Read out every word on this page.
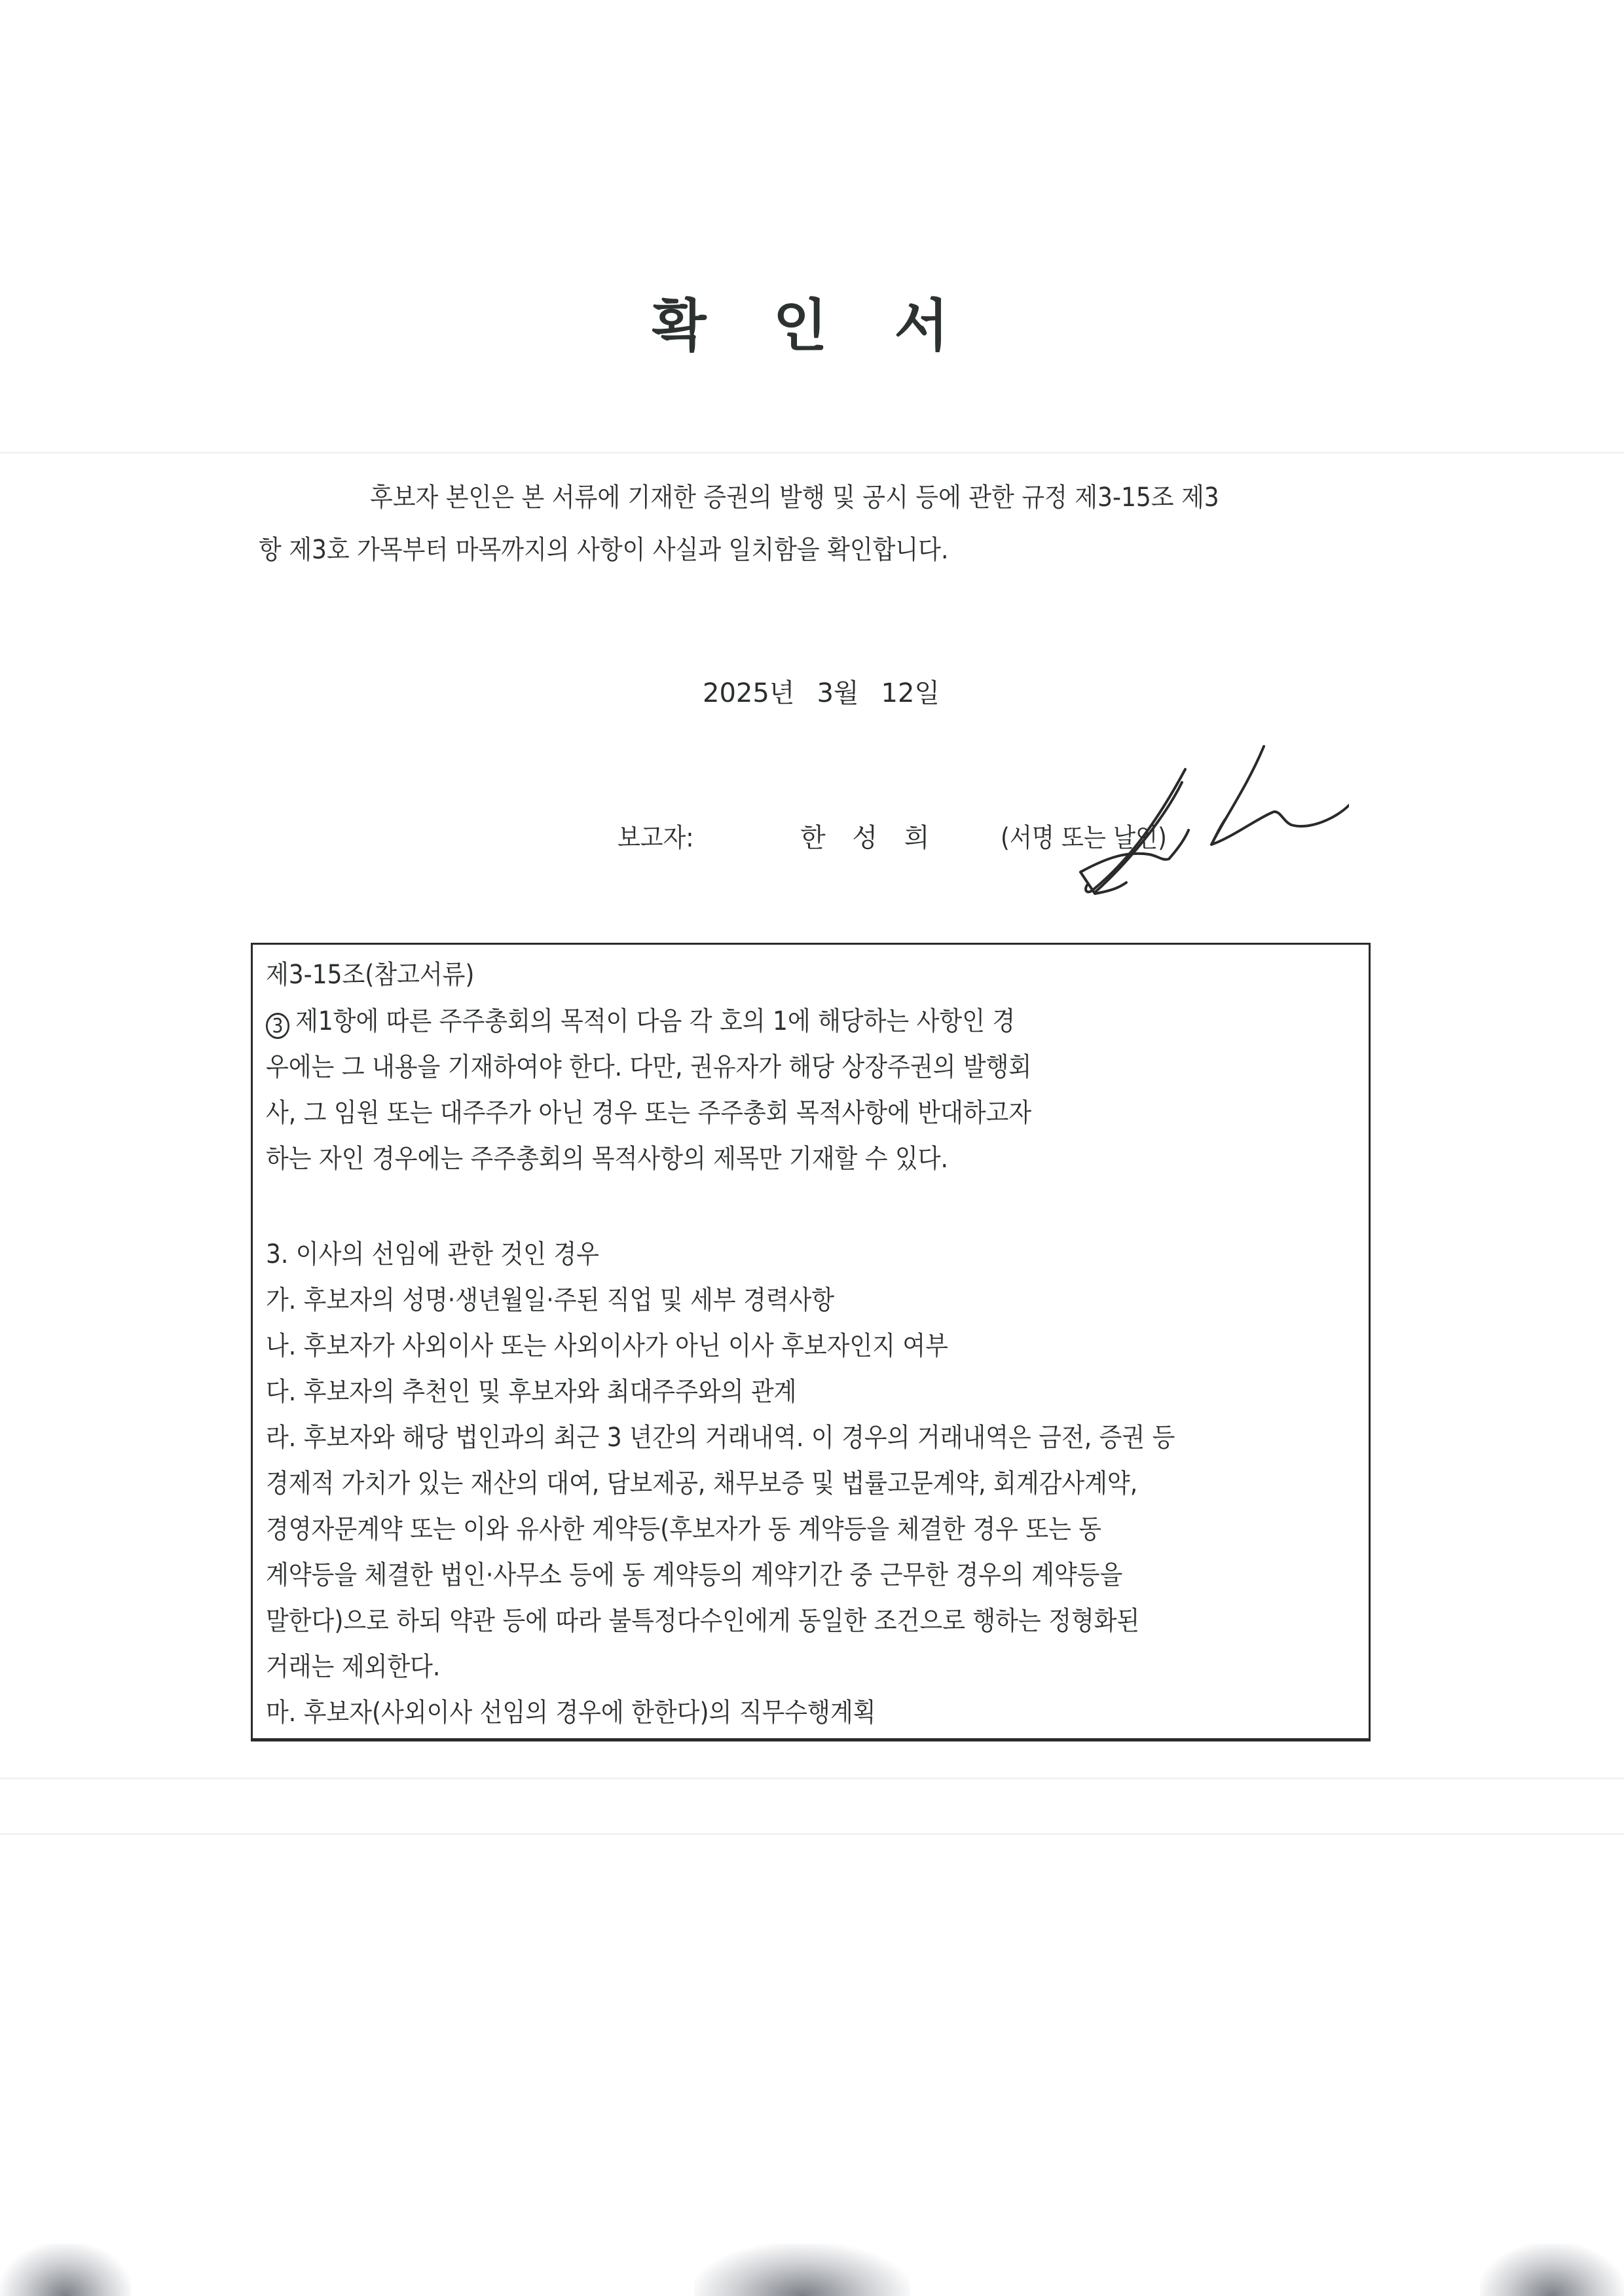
확 인 서
후보자 본인은 본 서류에 기재한 증권의 발행 및 공시 등에 관한 규정 제3-15조 제3
항 제3호 가목부터 마목까지의 사항이 사실과 일치함을 확인합니다.
2025년 3월 12일
보고자:	한 성 희 (서명 또는 날인)
제3-15조(참고서류)
3 제1항에 따른 주주총회의 목적이 다음 각 호의 1에 해당하는 사항인 경
우에는 그 내용을 기재하여야 한다. 다만, 권유자가 해당 상장주권의 발행회
사, 그 임원 또는 대주주가 아닌 경우 또는 주주총회 목적사항에 반대하고자
하는 자인 경우에는 주주총회의 목적사항의 제목만 기재할 수 있다.
3. 이사의 선임에 관한 것인 경우
가. 후보자의 성명·생년월일·주된 직업 및 세부 경력사항
나. 후보자가 사외이사 또는 사외이사가 아닌 이사 후보자인지 여부
다. 후보자의 추천인 및 후보자와 최대주주와의 관계
라. 후보자와 해당 법인과의 최근 3 년간의 거래내역. 이 경우의 거래내역은 금전, 증권 등
경제적 가치가 있는 재산의 대여, 담보제공, 채무보증 및 법률고문계약, 회계감사계약,
경영자문계약 또는 이와 유사한 계약등(후보자가 동 계약등을 체결한 경우 또는 동
계약등을 체결한 법인·사무소 등에 동 계약등의 계약기간 중 근무한 경우의 계약등을
말한다)으로 하되 약관 등에 따라 불특정다수인에게 동일한 조건으로 행하는 정형화된
거래는 제외한다.
마. 후보자(사외이사 선임의 경우에 한한다)의 직무수행계획
